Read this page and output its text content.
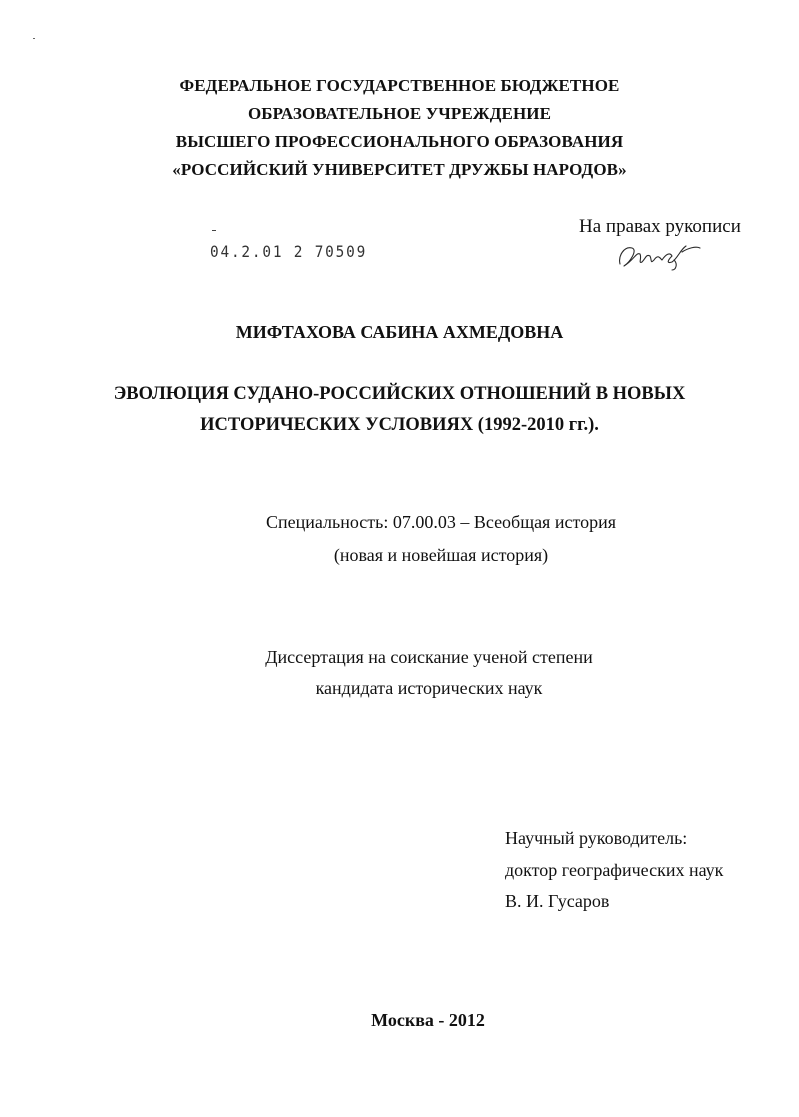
ФЕДЕРАЛЬНОЕ ГОСУДАРСТВЕННОЕ БЮДЖЕТНОЕ
ОБРАЗОВАТЕЛЬНОЕ УЧРЕЖДЕНИЕ
ВЫСШЕГО ПРОФЕССИОНАЛЬНОГО ОБРАЗОВАНИЯ
«РОССИЙСКИЙ УНИВЕРСИТЕТ ДРУЖБЫ НАРОДОВ»
04.2.01 2 70509
На правах рукописи
МИФТАХОВА САБИНА АХМЕДОВНА
ЭВОЛЮЦИЯ СУДАНО-РОССИЙСКИХ ОТНОШЕНИЙ В НОВЫХ
ИСТОРИЧЕСКИХ УСЛОВИЯХ (1992-2010 гг.).
Специальность: 07.00.03 – Всеобщая история
(новая и новейшая история)
Диссертация на соискание ученой степени
кандидата исторических наук
Научный руководитель:
доктор географических наук
В. И. Гусаров
Москва - 2012
